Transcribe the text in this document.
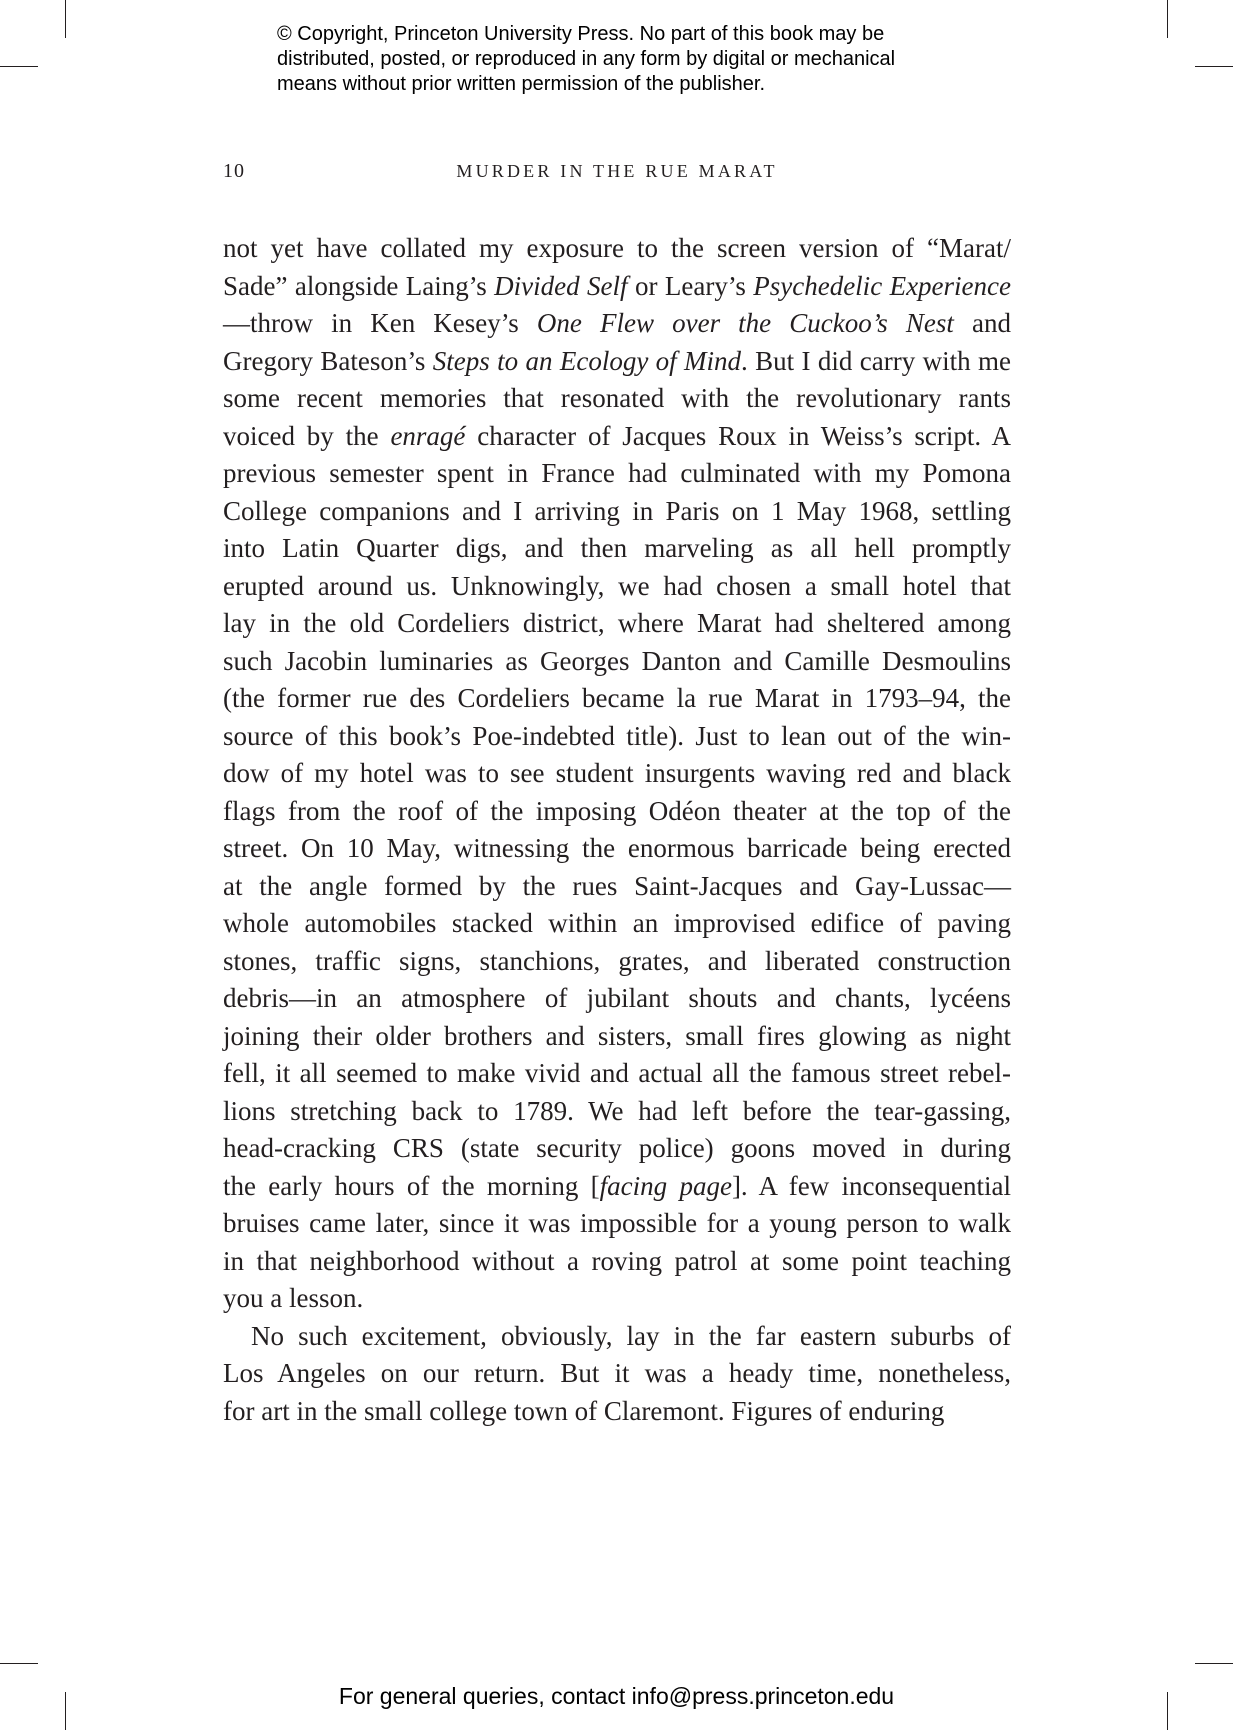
© Copyright, Princeton University Press. No part of this book may be
distributed, posted, or reproduced in any form by digital or mechanical
means without prior written permission of the publisher.
10	MURDER IN THE RUE MARAT
not yet have collated my exposure to the screen version of “Marat/
Sade” alongside Laing’s Divided Self or Leary’s Psychedelic Experience
—throw in Ken Kesey’s One Flew over the Cuckoo’s Nest and
Gregory Bateson’s Steps to an Ecology of Mind. But I did carry with me
some recent memories that resonated with the revolutionary rants
voiced by the enragé character of Jacques Roux in Weiss’s script. A
previous semester spent in France had culminated with my Pomona
College companions and I arriving in Paris on 1 May 1968, settling
into Latin Quarter digs, and then marveling as all hell promptly
erupted around us. Unknowingly, we had chosen a small hotel that
lay in the old Cordeliers district, where Marat had sheltered among
such Jacobin luminaries as Georges Danton and Camille Desmoulins
(the former rue des Cordeliers became la rue Marat in 1793–94, the
source of this book’s Poe-indebted title). Just to lean out of the win-
dow of my hotel was to see student insurgents waving red and black
flags from the roof of the imposing Odéon theater at the top of the
street. On 10 May, witnessing the enormous barricade being erected
at the angle formed by the rues Saint-Jacques and Gay-Lussac—
whole automobiles stacked within an improvised edifice of paving
stones, traffic signs, stanchions, grates, and liberated construction
debris—in an atmosphere of jubilant shouts and chants, lycéens
joining their older brothers and sisters, small fires glowing as night
fell, it all seemed to make vivid and actual all the famous street rebel-
lions stretching back to 1789. We had left before the tear-gassing,
head-cracking CRS (state security police) goons moved in during
the early hours of the morning [facing page]. A few inconsequential
bruises came later, since it was impossible for a young person to walk
in that neighborhood without a roving patrol at some point teaching
you a lesson.
No such excitement, obviously, lay in the far eastern suburbs of
Los Angeles on our return. But it was a heady time, nonetheless,
for art in the small college town of Claremont. Figures of enduring
For general queries, contact info@press.princeton.edu
